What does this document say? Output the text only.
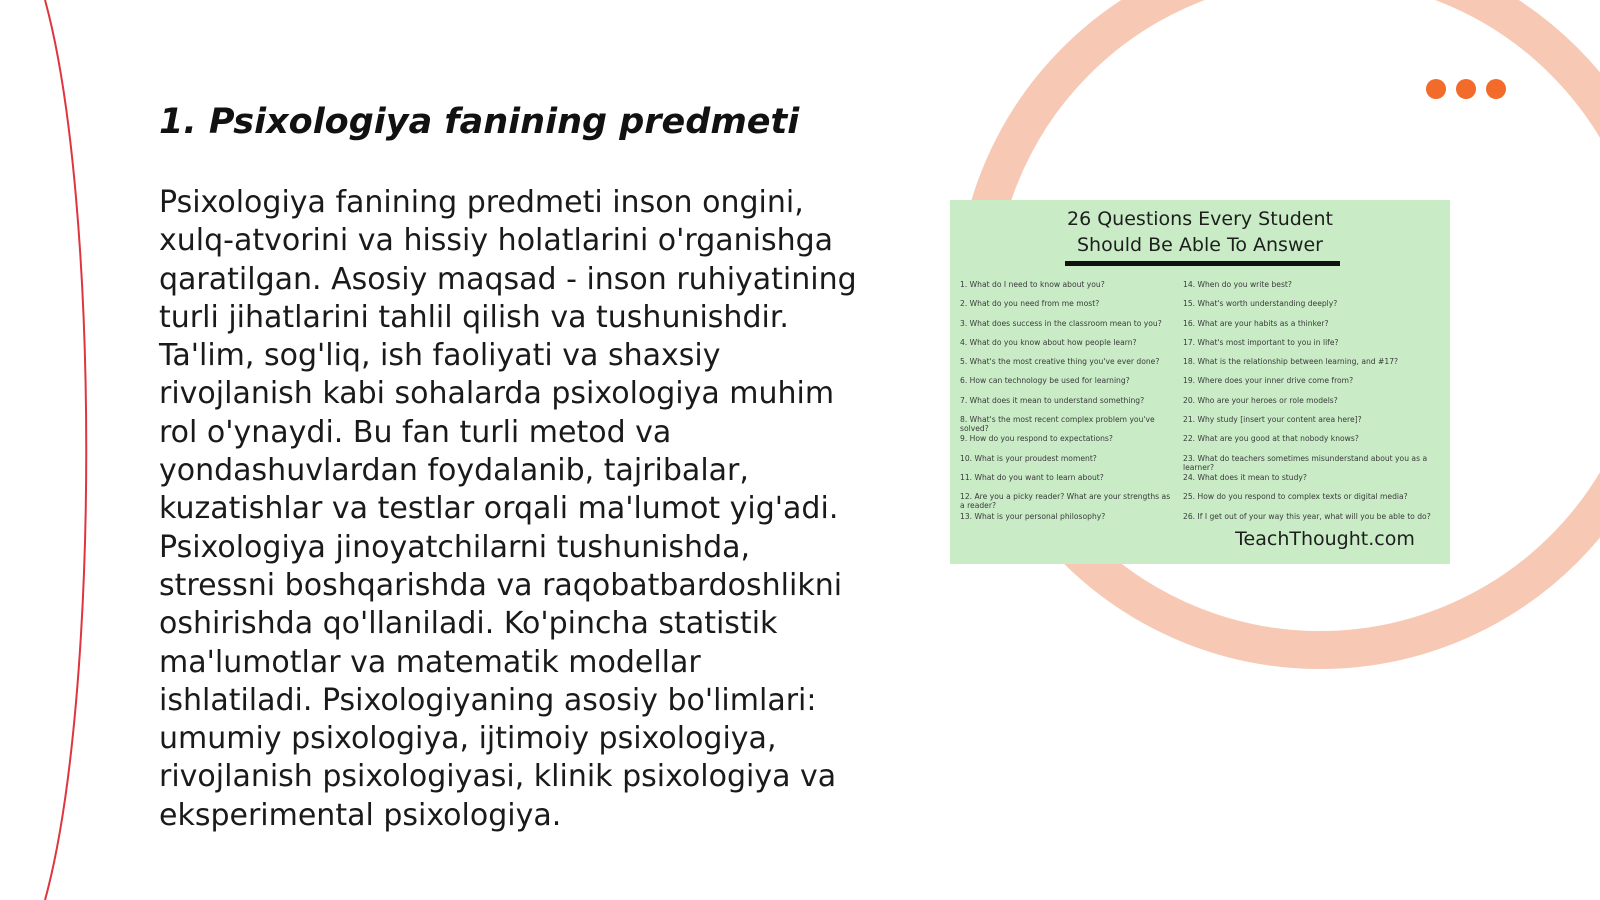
1. Psixologiya fanining predmeti

Psixologiya fanining predmeti inson ongini, xulq-atvorini va hissiy holatlarini o'rganishga qaratilgan. Asosiy maqsad - inson ruhiyatining turli jihatlarini tahlil qilish va tushunishdir. Ta'lim, sog'liq, ish faoliyati va shaxsiy rivojlanish kabi sohalarda psixologiya muhim rol o'ynaydi. Bu fan turli metod va yondashuvlardan foydalanib, tajribalar, kuzatishlar va testlar orqali ma'lumot yig'adi. Psixologiya jinoyatchilarni tushunishda, stressni boshqarishda va raqobatbardoshlikni oshirishda qo'llaniladi. Ko'pincha statistik ma'lumotlar va matematik modellar ishlatiladi. Psixologiyaning asosiy bo'limlari: umumiy psixologiya, ijtimoiy psixologiya, rivojlanish psixologiyasi, klinik psixologiya va eksperimental psixologiya.

26 Questions Every Student
Should Be Able To Answer
1. What do I need to know about you?
2. What do you need from me most?
3. What does success in the classroom mean to you?
4. What do you know about how people learn?
5. What's the most creative thing you've ever done?
6. How can technology be used for learning?
7. What does it mean to understand something?
8. What's the most recent complex problem you've solved?
9. How do you respond to expectations?
10. What is your proudest moment?
11. What do you want to learn about?
12. Are you a picky reader? What are your strengths as a reader?
13. What is your personal philosophy?
14. When do you write best?
15. What's worth understanding deeply?
16. What are your habits as a thinker?
17. What's most important to you in life?
18. What is the relationship between learning, and #17?
19. Where does your inner drive come from?
20. Who are your heroes or role models?
21. Why study [insert your content area here]?
22. What are you good at that nobody knows?
23. What do teachers sometimes misunderstand about you as a learner?
24. What does it mean to study?
25. How do you respond to complex texts or digital media?
26. If I get out of your way this year, what will you be able to do?
TeachThought.com
